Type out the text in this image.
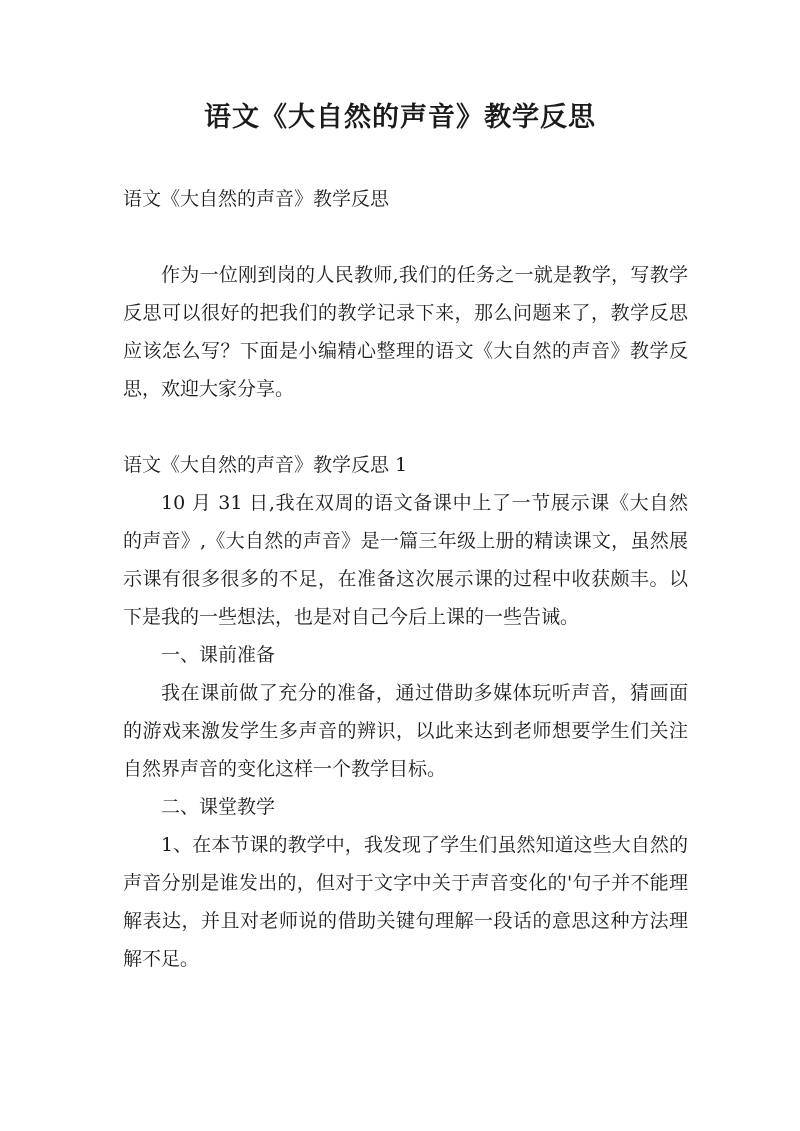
语文《大自然的声音》教学反思

语文《大自然的声音》教学反思

作为一位刚到岗的人民教师,我们的任务之一就是教学，写教学反思可以很好的把我们的教学记录下来，那么问题来了，教学反思应该怎么写？下面是小编精心整理的语文《大自然的声音》教学反思，欢迎大家分享。

语文《大自然的声音》教学反思 1

10 月 31 日,我在双周的语文备课中上了一节展示课《大自然的声音》,《大自然的声音》是一篇三年级上册的精读课文，虽然展示课有很多很多的不足，在准备这次展示课的过程中收获颇丰。以下是我的一些想法，也是对自己今后上课的一些告诫。

一、课前准备

我在课前做了充分的准备，通过借助多媒体玩听声音，猜画面的游戏来激发学生多声音的辨识，以此来达到老师想要学生们关注自然界声音的变化这样一个教学目标。

二、课堂教学

1、在本节课的教学中，我发现了学生们虽然知道这些大自然的声音分别是谁发出的，但对于文字中关于声音变化的'句子并不能理解表达，并且对老师说的借助关键句理解一段话的意思这种方法理解不足。
